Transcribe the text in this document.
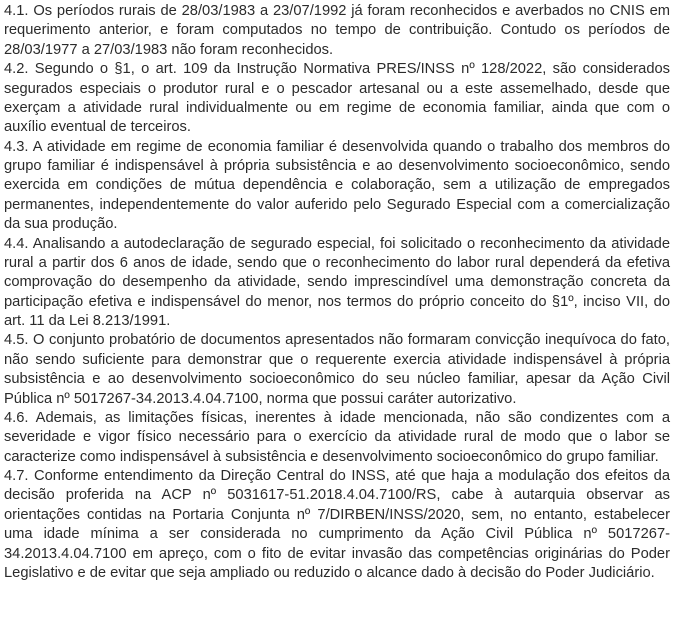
4.1. Os períodos rurais de 28/03/1983 a 23/07/1992 já foram reconhecidos e averbados no CNIS em requerimento anterior, e foram computados no tempo de contribuição. Contudo os períodos de 28/03/1977 a 27/03/1983 não foram reconhecidos.

4.2. Segundo o §1, o art. 109 da Instrução Normativa PRES/INSS nº 128/2022, são considerados segurados especiais o produtor rural e o pescador artesanal ou a este assemelhado, desde que exerçam a atividade rural individualmente ou em regime de economia familiar, ainda que com o auxílio eventual de terceiros.

4.3. A atividade em regime de economia familiar é desenvolvida quando o trabalho dos membros do grupo familiar é indispensável à própria subsistência e ao desenvolvimento socioeconômico, sendo exercida em condições de mútua dependência e colaboração, sem a utilização de empregados permanentes, independentemente do valor auferido pelo Segurado Especial com a comercialização da sua produção.

4.4. Analisando a autodeclaração de segurado especial, foi solicitado o reconhecimento da atividade rural a partir dos 6 anos de idade, sendo que o reconhecimento do labor rural dependerá da efetiva comprovação do desempenho da atividade, sendo imprescindível uma demonstração concreta da participação efetiva e indispensável do menor, nos termos do próprio conceito do §1º, inciso VII, do art. 11 da Lei 8.213/1991.

4.5. O conjunto probatório de documentos apresentados não formaram convicção inequívoca do fato, não sendo suficiente para demonstrar que o requerente exercia atividade indispensável à própria subsistência e ao desenvolvimento socioeconômico do seu núcleo familiar, apesar da Ação Civil Pública nº 5017267-34.2013.4.04.7100, norma que possui caráter autorizativo.

4.6. Ademais, as limitações físicas, inerentes à idade mencionada, não são condizentes com a severidade e vigor físico necessário para o exercício da atividade rural de modo que o labor se caracterize como indispensável à subsistência e desenvolvimento socioeconômico do grupo familiar.

4.7. Conforme entendimento da Direção Central do INSS, até que haja a modulação dos efeitos da decisão proferida na ACP nº 5031617-51.2018.4.04.7100/RS, cabe à autarquia observar as orientações contidas na Portaria Conjunta nº 7/DIRBEN/INSS/2020, sem, no entanto, estabelecer uma idade mínima a ser considerada no cumprimento da Ação Civil Pública nº 5017267-34.2013.4.04.7100 em apreço, com o fito de evitar invasão das competências originárias do Poder Legislativo e de evitar que seja ampliado ou reduzido o alcance dado à decisão do Poder Judiciário.
